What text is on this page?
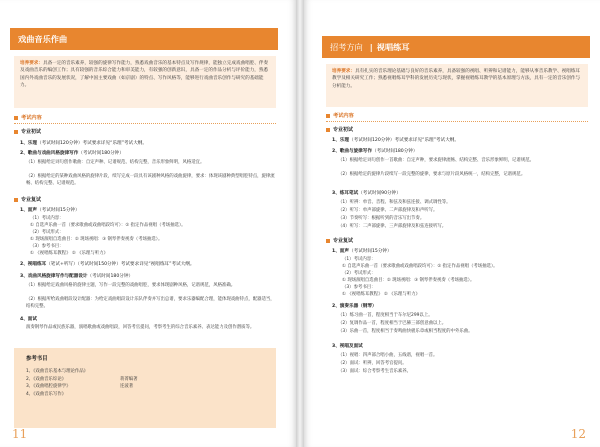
戏曲音乐作曲
培养要求：具备一定的音乐素养，较强的旋律写作能力，熟悉戏曲音乐的基本特点及写作规律，能独立完成戏曲唱腔、伴奏及戏曲音乐的编创工作；具有较强的音乐综合能力和审美能力，有较强的创新意识，具备一定的作品分析与评价能力，熟悉国内外戏曲音乐的发展状况，了解中国主要戏曲（如京剧）的特点、写作风格等，能够进行戏曲音乐创作与研究的基础能力。
考试内容
专业初试
1、乐理（考试时间120分钟）考试要求详见“乐理”考试大纲。
2、歌曲与戏曲风格旋律写作（考试时间180分钟）
（1）根据给定词句创作歌曲：自定声种、记谱规范、结构完整，音乐形象鲜明，风格适宜。
（2）根据给定的某种戏曲风格的旋律片段，续写完成一段具有该剧种风格的戏曲旋律，要求：体现该剧种典型唱腔特点，旋律流畅、结构完整、记谱规范。
专业复试
1、面声（考试时间15分钟）
（1）考试内容：
① 自选声乐曲一首（要求歌曲或戏曲唱段均可）：② 指定作品视唱（考场抽选）。
（2）考试形式：
① 现场演唱自选曲目：② 现场视唱：③ 钢琴伴奏视奏（考场抽选）。
（3）参考书目：
① 《视唱练耳教程》 ② 《乐理与听力》
2、视唱练耳（笔试+听写）（考试时间150分钟）考试要求详见“视唱练耳”考试大纲。
3、戏曲风格旋律写作与配器设计（考试时间180分钟）
（1）根据给定戏曲风格的旋律主题，写作一段完整的戏曲唱腔，要求体现剧种风格，记谱规范，风格准确。
（2）根据所给戏曲唱段设计配器：为给定戏曲唱段设计乐队伴奏并写出总谱，要求乐器编配合理，能体现戏曲特点，配器适当，结构完整。
4、面试
演奏钢琴作品或民族乐器，演唱歌曲或戏曲唱段，回答考官提问，考察考生的综合音乐素养、表达能力及创作潜质等。
参考书目
1、《戏曲音乐基本与理论作品》
2、《戏曲音乐综论》	蒋菁编著
3、《戏曲唱腔旋律学》	连波著
4、《戏曲音乐写作》
11
招考方向 | 视唱练耳
培养要求：具有扎实的音乐理论基础与良好的音乐素养，具备较强的视唱、听辨和记谱能力，能够从事音乐教学、视唱练耳教学及相关研究工作；熟悉视唱练耳学科的发展历史与现状，掌握视唱练耳教学的基本原理与方法，具有一定的音乐创作与分析能力。
考试内容
专业初试
1、乐理（考试时间120分钟）考试要求详见“乐理”考试大纲。
2、歌曲与旋律写作（考试时间180分钟）
（1）根据给定词句创作一首歌曲：自定声种，要求旋律流畅、结构完整、音乐形象鲜明，记谱规范。
（2）根据给定的旋律片段续写一段完整的旋律，要求与原片段风格统一，结构完整，记谱规范。
3、练耳笔试（考试时间90分钟）
（1）听辨：单音、音程、和弦及和弦连接、调式调性等。
（2）听写：单声部旋律、二声部旋律及和声听写。
（3）节奏听写：根据听到的音乐写出节奏。
（4）听写：二声部旋律、三声部旋律及和弦连接听写。
专业复试
1、面声（考试时间15分钟）
（1）考试内容：
① 自选声乐曲一首（要求歌曲或戏曲唱段均可）：② 指定作品视唱（考场抽选）。
（2）考试形式：
① 现场演唱自选曲目：② 现场视唱：③ 钢琴伴奏视奏（考场抽选）。
（3）参考书目：
① 《视唱练耳教程》 ② 《乐理与听力》
2、演奏乐器（钢琴）
（1）练习曲一首，程度相当于车尔尼299以上。
（2）复调作品一首，程度相当于巴赫三部创意曲以上。
（3）乐曲一首，程度相当于奏鸣曲快板乐章或相当程度的中外乐曲。
3、视唱及面试
（1）视唱：四声部合唱小曲，五线谱，视唱一首。
（2）面试：听辨，回答考官提问。
（3）面试：综合考察考生音乐素养。
12
